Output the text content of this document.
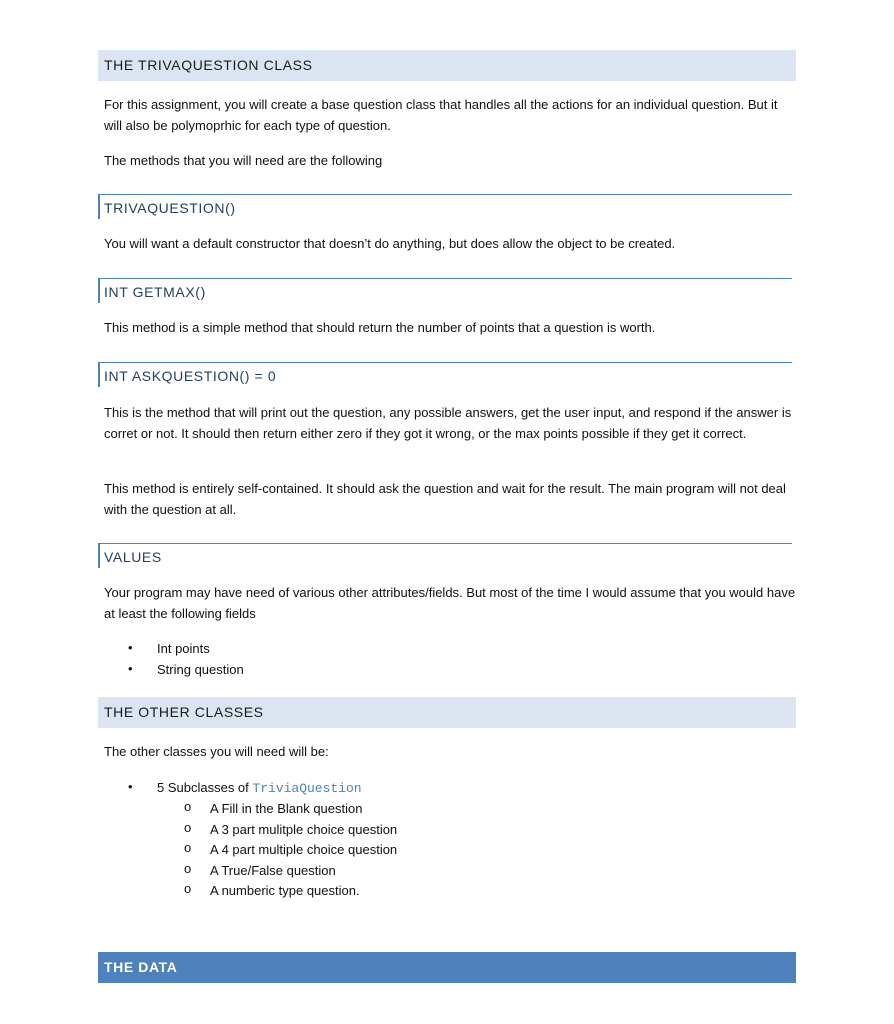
THE TRIVAQUESTION CLASS
For this assignment, you will create a base question class that handles all the actions for an individual question. But it will also be polymoprhic for each type of question.
The methods that you will need are the following
TRIVAQUESTION()
You will want a default constructor that doesn’t do anything, but does allow the object to be created.
INT GETMAX()
This method is a simple method that should return the number of points that a question is worth.
INT ASKQUESTION() = 0
This is the method that will print out the question, any possible answers, get the user input, and respond if the answer is corret or not. It should then return either zero if they got it wrong, or the max points possible if they get it correct.
This method is entirely self-contained. It should ask the question and wait for the result. The main program will not deal with the question at all.
VALUES
Your program may have need of various other attributes/fields. But most of the time I would assume that you would have at least the following fields
• Int points
• String question
THE OTHER CLASSES
The other classes you will need will be:
• 5 Subclasses of TriviaQuestion
o A Fill in the Blank question
o A 3 part mulitple choice question
o A 4 part multiple choice question
o A True/False question
o A numberic type question.
THE DATA
